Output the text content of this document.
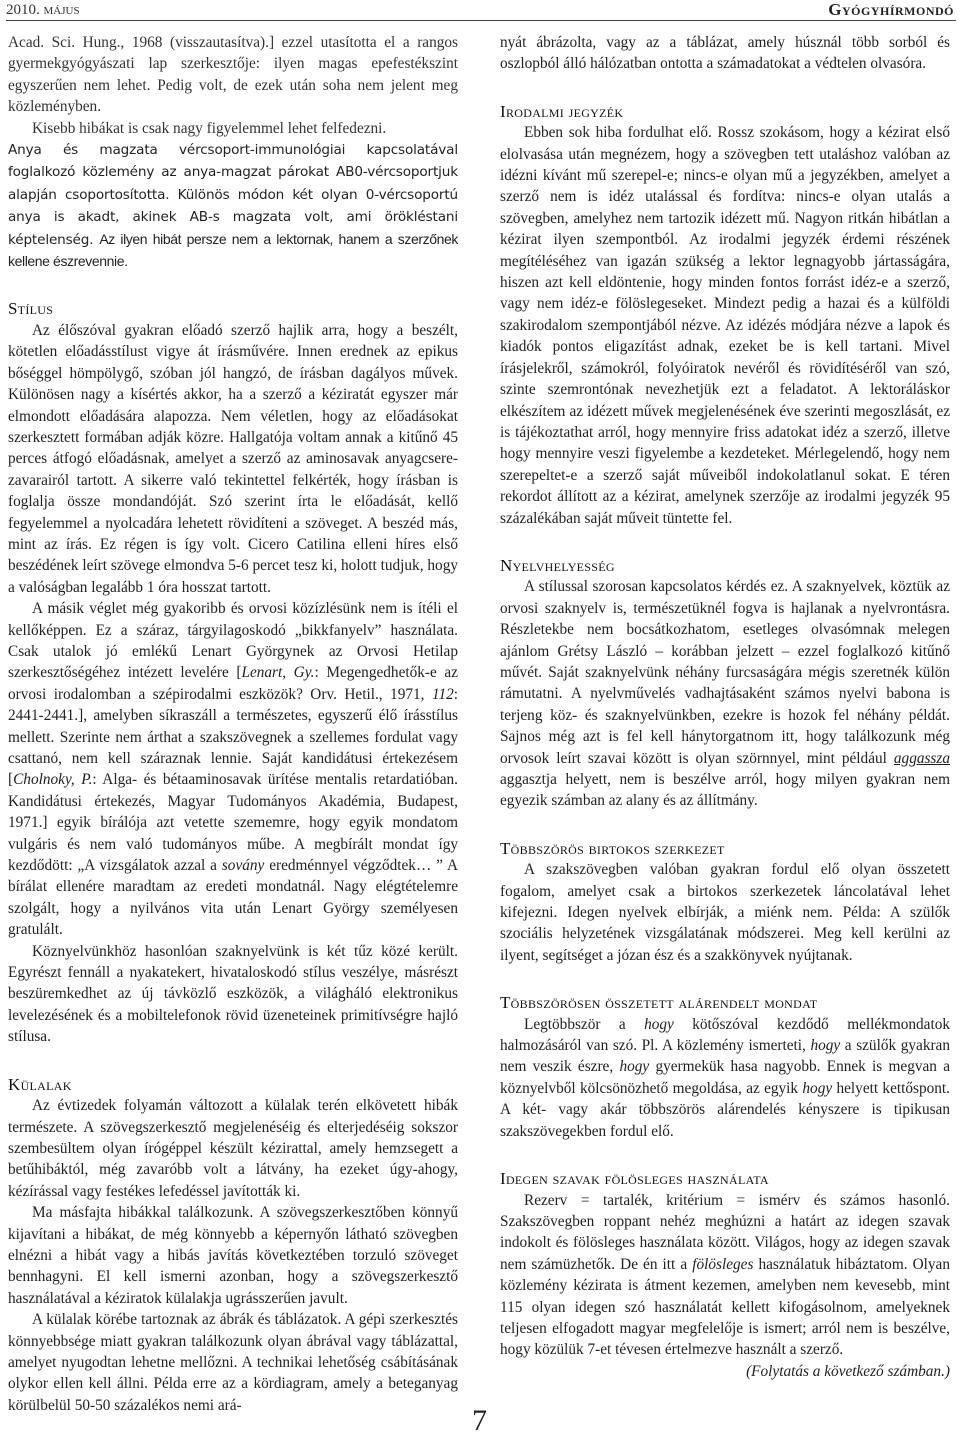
2010. május	Gyógyhírmondó

Acad. Sci. Hung., 1968 (visszautasítva).] ezzel utasította el a rangos gyermekgyógyászati lap szerkesztője: ilyen magas epefestékszint egyszerűen nem lehet. Pedig volt, de ezek után soha nem jelent meg közleményben.

Kisebb hibákat is csak nagy figyelemmel lehet felfedezni.

Anya és magzata vércsoport-immunológiai kapcsolatával foglalkozó közlemény az anya-magzat párokat AB0-vércsoportjuk alapján csoportosította. Különös módon két olyan 0-vércsoportú anya is akadt, akinek AB-s magzata volt, ami örökléstani képtelenség. Az ilyen hibát persze nem a lektornak, hanem a szerzőnek kellene észrevennie.

Stílus

Az élőszóval gyakran előadó szerző hajlik arra, hogy a beszélt, kötetlen előadásstílust vigye át írásművére. Innen erednek az epikus bőséggel hömpölygő, szóban jól hangzó, de írásban dagályos művek. Különösen nagy a kísértés akkor, ha a szerző a kéziratát egyszer már elmondott előadására alapozza. Nem véletlen, hogy az előadásokat szerkesztett formában adják közre. Hallgatója voltam annak a kitűnő 45 perces átfogó előadásnak, amelyet a szerző az aminosavak anyagcsere-zavarairól tartott. A sikerre való tekintettel felkérték, hogy írásban is foglalja össze mondandóját. Szó szerint írta le előadását, kellő fegyelemmel a nyolcadára lehetett rövidíteni a szöveget. A beszéd más, mint az írás. Ez régen is így volt. Cicero Catilina elleni híres első beszédének leírt szövege elmondva 5-6 percet tesz ki, holott tudjuk, hogy a valóságban legalább 1 óra hosszat tartott.

A másik véglet még gyakoribb és orvosi közízlésünk nem is ítéli el kellőképpen. Ez a száraz, tárgyilagoskodó „bikkfanyelv” használata. Csak utalok jó emlékű Lenart Györgynek az Orvosi Hetilap szerkesztőségéhez intézett levelére [Lenart, Gy.: Megengedhetők-e az orvosi irodalomban a szépirodalmi eszközök? Orv. Hetil., 1971, 112: 2441-2441.], amelyben síkraszáll a természetes, egyszerű élő írásstílus mellett. Szerinte nem árthat a szakszövegnek a szellemes fordulat vagy csattanó, nem kell száraznak lennie. Saját kandidátusi értekezésem [Cholnoky, P.: Alga- és bétaaminosavak ürítése mentalis retardatióban. Kandidátusi értekezés, Magyar Tudományos Akadémia, Budapest, 1971.] egyik bírálója azt vetette szememre, hogy egyik mondatom vulgáris és nem való tudományos műbe. A megbírált mondat így kezdődött: „A vizsgálatok azzal a sovány eredménnyel végződtek… ” A bírálat ellenére maradtam az eredeti mondatnál. Nagy elégtételemre szolgált, hogy a nyilvános vita után Lenart György személyesen gratulált.

Köznyelvünkhöz hasonlóan szaknyelvünk is két tűz közé került. Egyrészt fennáll a nyakatekert, hivataloskodó stílus veszélye, másrészt beszüremkedhet az új távközlő eszközök, a világháló elektronikus levelezésének és a mobiltelefonok rövid üzeneteinek primitívségre hajló stílusa.

Külalak

Az évtizedek folyamán változott a külalak terén elkövetett hibák természete. A szövegszerkesztő megjelenéséig és elterjedéséig sokszor szembesültem olyan írógéppel készült kézirattal, amely hemzsegett a betűhibáktól, még zavaróbb volt a látvány, ha ezeket úgy-ahogy, kézírással vagy festékes lefedéssel javították ki.

Ma másfajta hibákkal találkozunk. A szövegszerkesztőben könnyű kijavítani a hibákat, de még könnyebb a képernyőn látható szövegben elnézni a hibát vagy a hibás javítás következtében torzuló szöveget bennhagyni. El kell ismerni azonban, hogy a szövegszerkesztő használatával a kéziratok külalakja ugrásszerűen javult.

A külalak körébe tartoznak az ábrák és táblázatok. A gépi szerkesztés könnyebbsége miatt gyakran találkozunk olyan ábrával vagy táblázattal, amelyet nyugodtan lehetne mellőzni. A technikai lehetőség csábításának olykor ellen kell állni. Példa erre az a kördiagram, amely a beteganyag körülbelül 50-50 százalékos nemi ará-

nyát ábrázolta, vagy az a táblázat, amely húsznál több sorból és oszlopból álló hálózatban ontotta a számadatokat a védtelen olvasóra.

Irodalmi jegyzék

Ebben sok hiba fordulhat elő. Rossz szokásom, hogy a kézirat első elolvasása után megnézem, hogy a szövegben tett utaláshoz valóban az idézni kívánt mű szerepel-e; nincs-e olyan mű a jegyzékben, amelyet a szerző nem is idéz utalással és fordítva: nincs-e olyan utalás a szövegben, amelyhez nem tartozik idézett mű. Nagyon ritkán hibátlan a kézirat ilyen szempontból. Az irodalmi jegyzék érdemi részének megítéléséhez van igazán szükség a lektor legnagyobb jártasságára, hiszen azt kell eldöntenie, hogy minden fontos forrást idéz-e a szerző, vagy nem idéz-e fölöslegeseket. Mindezt pedig a hazai és a külföldi szakirodalom szempontjából nézve. Az idézés módjára nézve a lapok és kiadók pontos eligazítást adnak, ezeket be is kell tartani. Mivel írásjelekről, számokról, folyóiratok nevéről és rövidítéséről van szó, szinte szemrontónak nevezhetjük ezt a feladatot. A lektoráláskor elkészítem az idézett művek megjelenésének éve szerinti megoszlását, ez is tájékoztathat arról, hogy mennyire friss adatokat idéz a szerző, illetve hogy mennyire veszi figyelembe a kezdeteket. Mérlegelendő, hogy nem szerepeltet-e a szerző saját műveiből indokolatlanul sokat. E téren rekordot állított az a kézirat, amelynek szerzője az irodalmi jegyzék 95 százalékában saját műveit tüntette fel.

Nyelvhelyesség

A stílussal szorosan kapcsolatos kérdés ez. A szaknyelvek, köztük az orvosi szaknyelv is, természetüknél fogva is hajlanak a nyelvrontásra. Részletekbe nem bocsátkozhatom, esetleges olvasómnak melegen ajánlom Grétsy László – korábban jelzett – ezzel foglalkozó kitűnő művét. Saját szaknyelvünk néhány furcsaságára mégis szeretnék külön rámutatni. A nyelvművelés vadhajtásaként számos nyelvi babona is terjeng köz- és szaknyelvünkben, ezekre is hozok fel néhány példát. Sajnos még azt is fel kell hánytorgatnom itt, hogy találkozunk még orvosok leírt szavai között is olyan szörnnyel, mint például aggassza aggasztja helyett, nem is beszélve arról, hogy milyen gyakran nem egyezik számban az alany és az állítmány.

Többszörös birtokos szerkezet

A szakszövegben valóban gyakran fordul elő olyan összetett fogalom, amelyet csak a birtokos szerkezetek láncolatával lehet kifejezni. Idegen nyelvek elbírják, a miénk nem. Példa: A szülők szociális helyzetének vizsgálatának módszerei. Meg kell kerülni az ilyent, segítséget a józan ész és a szakkönyvek nyújtanak.

Többszörösen összetett alárendelt mondat

Legtöbbször a hogy kötőszóval kezdődő mellékmondatok halmozásáról van szó. Pl. A közlemény ismerteti, hogy a szülők gyakran nem veszik észre, hogy gyermekük hasa nagyobb. Ennek is megvan a köznyelvből kölcsönözhető megoldása, az egyik hogy helyett kettőspont. A két- vagy akár többszörös alárendelés kényszere is tipikusan szakszövegekben fordul elő.

Idegen szavak fölösleges használata

Rezerv = tartalék, kritérium = ismérv és számos hasonló. Szakszövegben roppant nehéz meghúzni a határt az idegen szavak indokolt és fölösleges használata között. Világos, hogy az idegen szavak nem számüzhetők. De én itt a fölösleges használatuk hibáztatom. Olyan közlemény kézirata is átment kezemen, amelyben nem kevesebb, mint 115 olyan idegen szó használatát kellett kifogásolnom, amelyeknek teljesen elfogadott magyar megfelelője is ismert; arról nem is beszélve, hogy közülük 7-et tévesen értelmezve használt a szerző.

(Folytatás a következő számban.)

7
